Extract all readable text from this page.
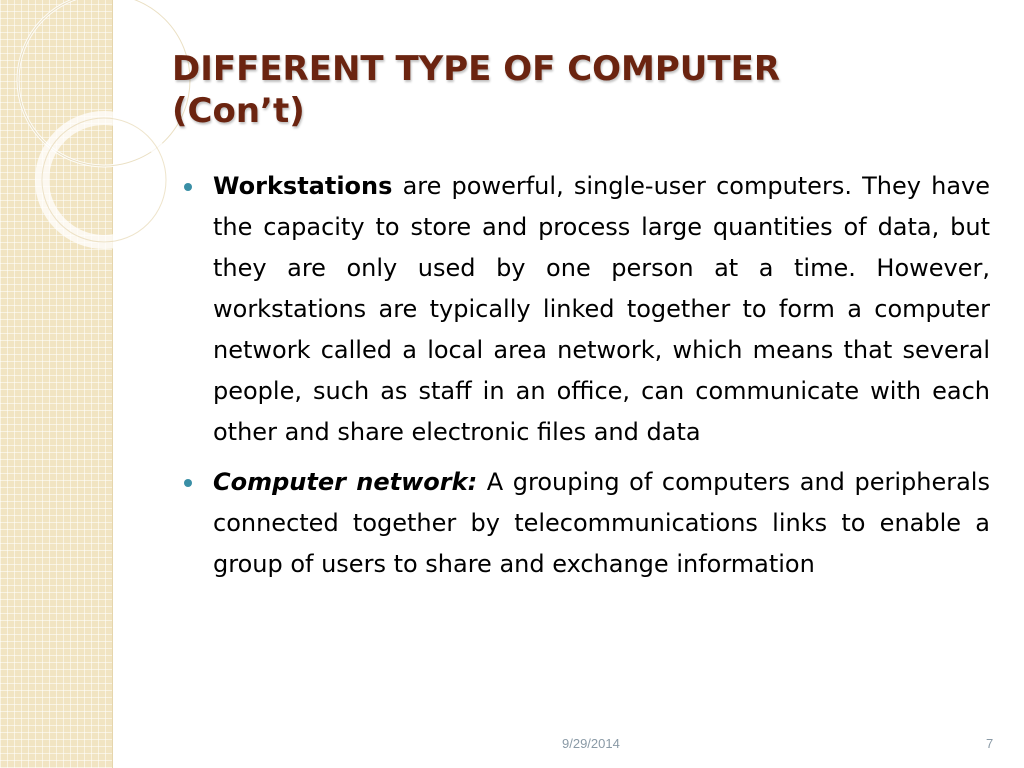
DIFFERENT TYPE OF COMPUTER
(Con’t)
Workstations are powerful, single-user computers. They have the capacity to store and process large quantities of data, but they are only used by one person at a time. However, workstations are typically linked together to form a computer network called a local area network, which means that several people, such as staff in an office, can communicate with each other and share electronic files and data
Computer network: A grouping of computers and peripherals connected together by telecommunications links to enable a group of users to share and exchange information
9/29/2014	7
